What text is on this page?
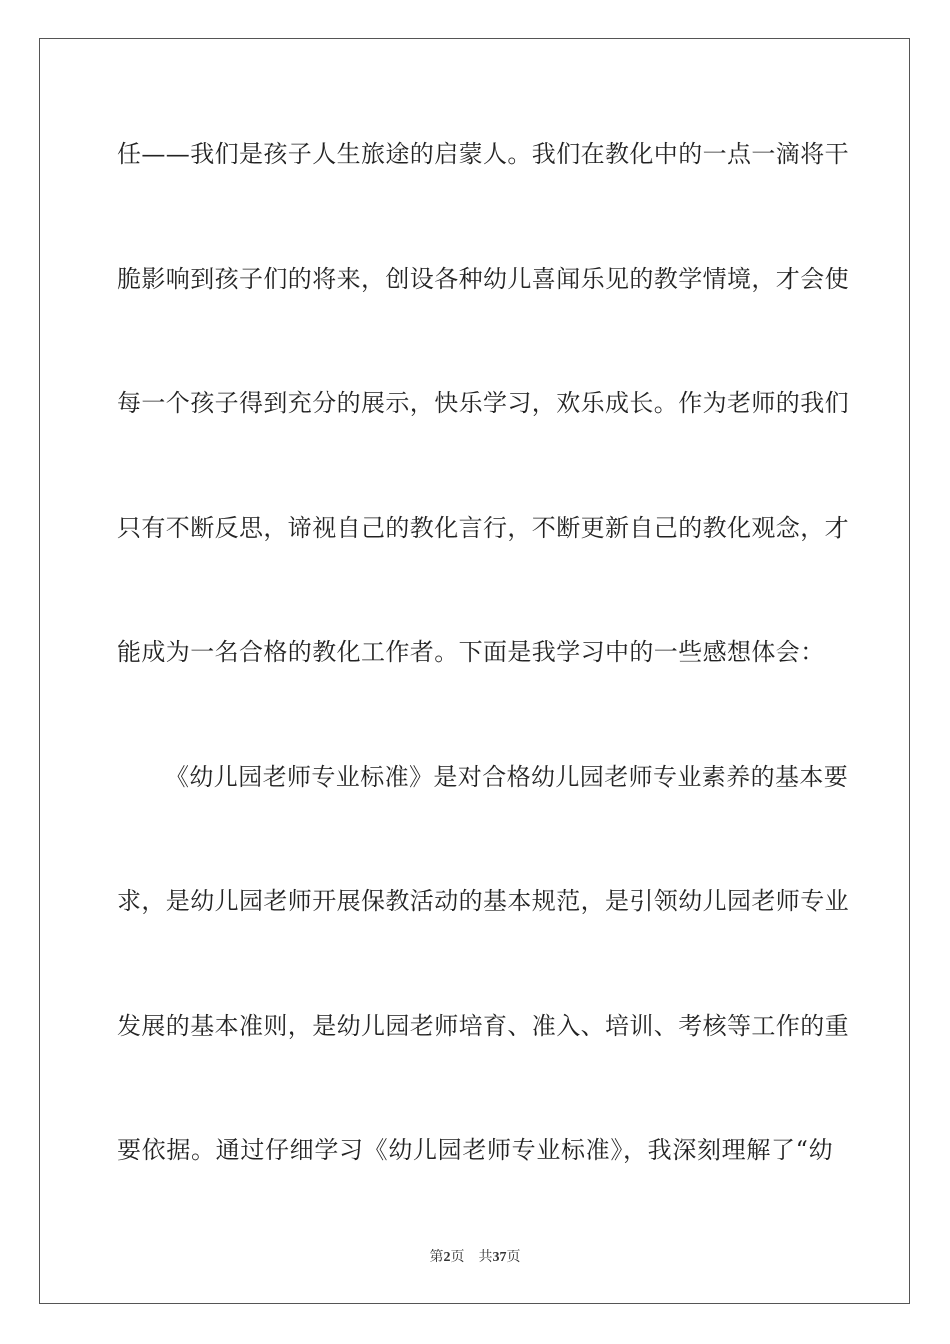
任——我们是孩子人生旅途的启蒙人。我们在教化中的一点一滴将干
脆影响到孩子们的将来，创设各种幼儿喜闻乐见的教学情境，才会使
每一个孩子得到充分的展示，快乐学习，欢乐成长。作为老师的我们
只有不断反思，谛视自己的教化言行，不断更新自己的教化观念，才
能成为一名合格的教化工作者。下面是我学习中的一些感想体会：
《幼儿园老师专业标准》是对合格幼儿园老师专业素养的基本要
求，是幼儿园老师开展保教活动的基本规范，是引领幼儿园老师专业
发展的基本准则，是幼儿园老师培育、准入、培训、考核等工作的重
要依据。通过仔细学习《幼儿园老师专业标准》，我深刻理解了“幼
第2页 共37页
